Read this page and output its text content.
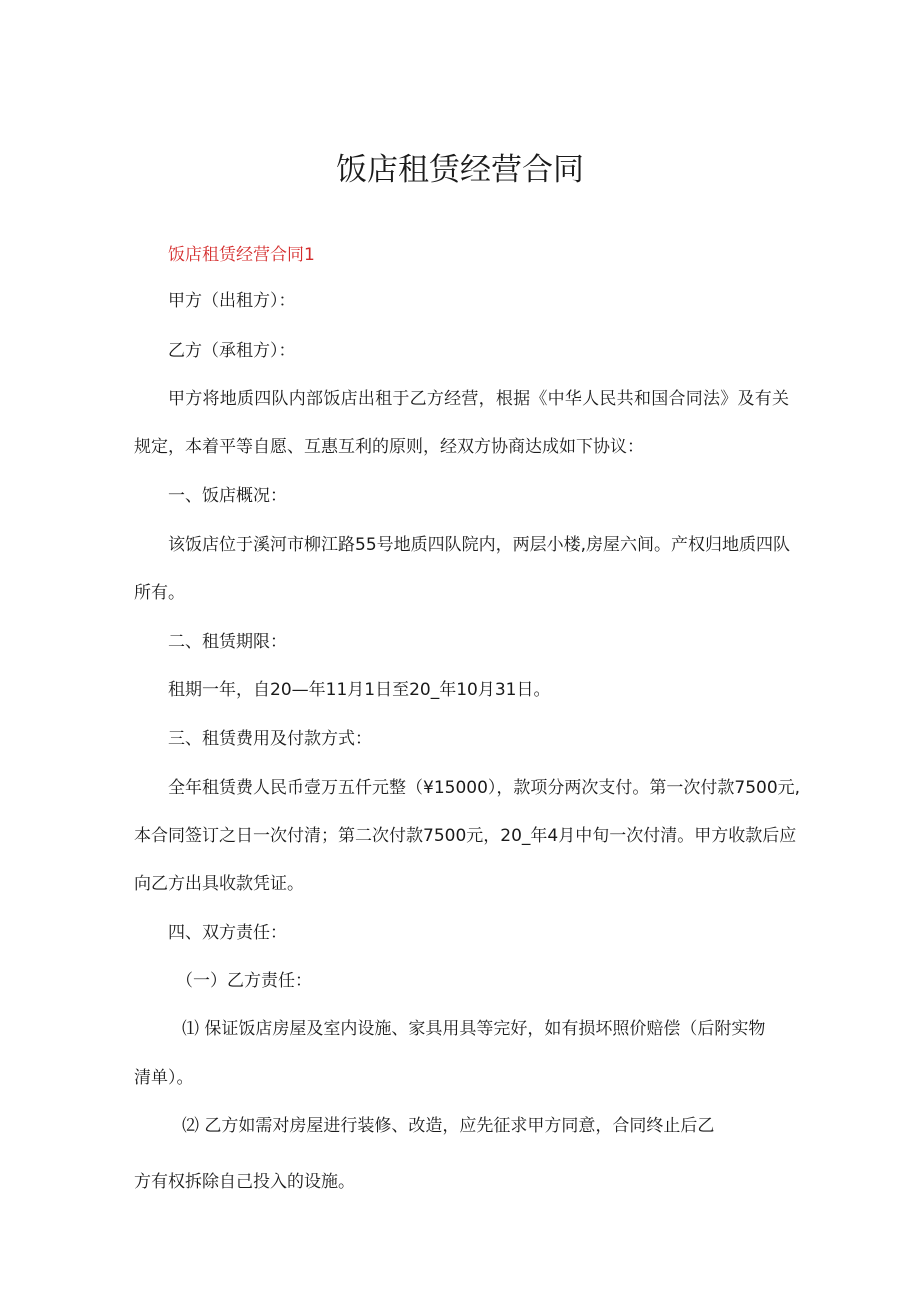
饭店租赁经营合同
饭店租赁经营合同1
甲方（出租方）：
乙方（承租方）：
甲方将地质四队内部饭店出租于乙方经营，根据《中华人民共和国合同法》及有关
规定，本着平等自愿、互惠互利的原则，经双方协商达成如下协议：
一、饭店概况：
该饭店位于溪河市柳江路55号地质四队院内，两层小楼,房屋六间。产权归地质四队
所有。
二、租赁期限：
租期一年，自20—年11月1日至20_年10月31日。
三、租赁费用及付款方式：
全年租赁费人民币壹万五仟元整（¥15000），款项分两次支付。第一次付款7500元,
本合同签订之日一次付清；第二次付款7500元，20_年4月中旬一次付清。甲方收款后应
向乙方出具收款凭证。
四、双方责任：
（一）乙方责任：
⑴ 保证饭店房屋及室内设施、家具用具等完好，如有损坏照价赔偿（后附实物
清单）。
⑵ 乙方如需对房屋进行装修、改造，应先征求甲方同意，合同终止后乙
方有权拆除自己投入的设施。
